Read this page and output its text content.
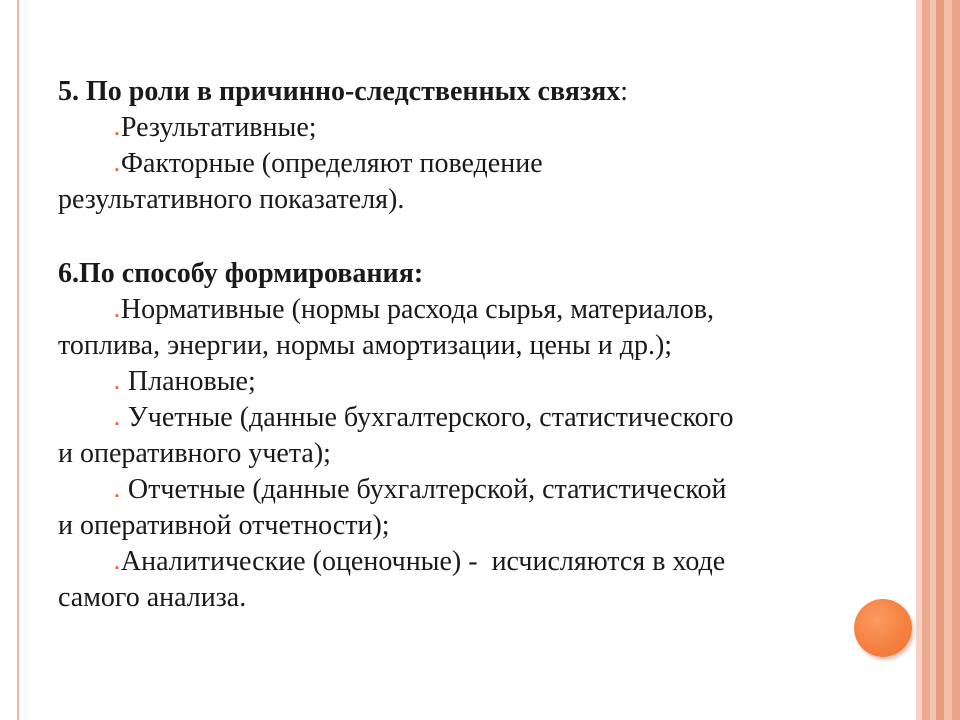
5. По роли в причинно-следственных связях:

▪Результативные;

▪Факторные (определяют поведение

результативного показателя).

6.По способу формирования:

▪Нормативные (нормы расхода сырья, материалов,

топлива, энергии, нормы амортизации, цены и др.);

▪ Плановые;

▪ Учетные (данные бухгалтерского, статистического

и оперативного учета);

▪ Отчетные (данные бухгалтерской, статистической

и оперативной отчетности);

▪Аналитические (оценочные) -  исчисляются в ходе

самого анализа.
